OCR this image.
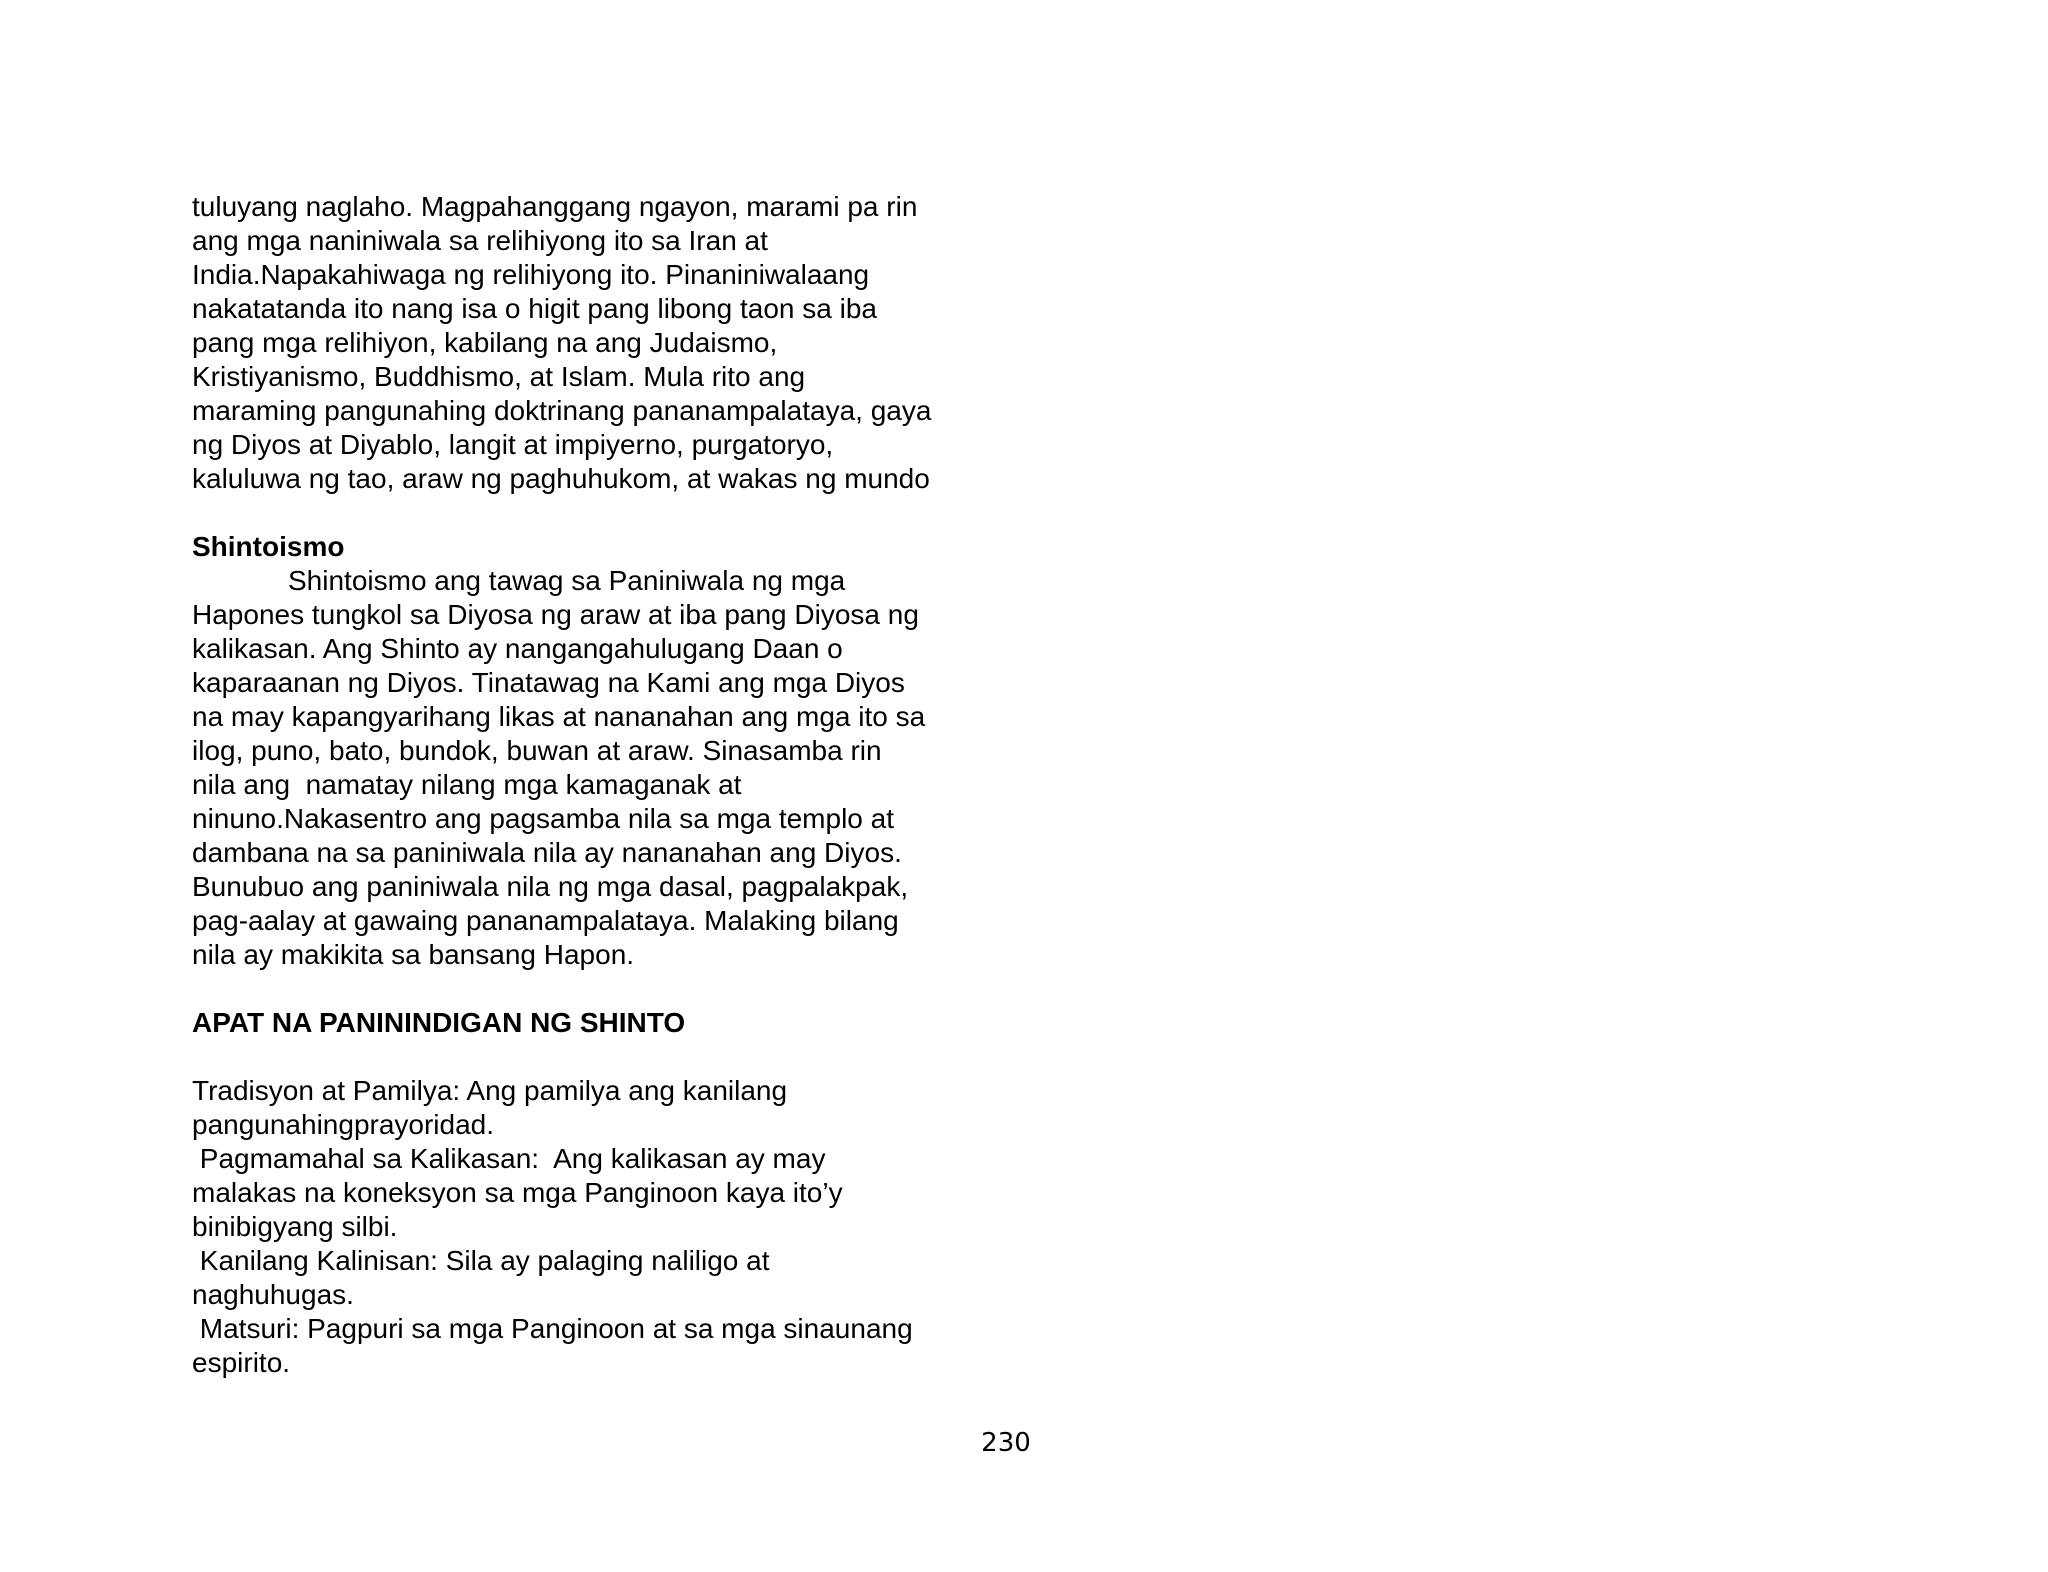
tuluyang naglaho. Magpahanggang ngayon, marami pa rin
ang mga naniniwala sa relihiyong ito sa Iran at
India.Napakahiwaga ng relihiyong ito. Pinaniniwalaang
nakatatanda ito nang isa o higit pang libong taon sa iba
pang mga relihiyon, kabilang na ang Judaismo,
Kristiyanismo, Buddhismo, at Islam. Mula rito ang
maraming pangunahing doktrinang pananampalataya, gaya
ng Diyos at Diyablo, langit at impiyerno, purgatoryo,
kaluluwa ng tao, araw ng paghuhukom, at wakas ng mundo
Shintoismo
Shintoismo ang tawag sa Paniniwala ng mga
Hapones tungkol sa Diyosa ng araw at iba pang Diyosa ng
kalikasan. Ang Shinto ay nangangahulugang Daan o
kaparaanan ng Diyos. Tinatawag na Kami ang mga Diyos
na may kapangyarihang likas at nananahan ang mga ito sa
ilog, puno, bato, bundok, buwan at araw. Sinasamba rin
nila ang  namatay nilang mga kamaganak at
ninuno.Nakasentro ang pagsamba nila sa mga templo at
dambana na sa paniniwala nila ay nananahan ang Diyos.
Bunubuo ang paniniwala nila ng mga dasal, pagpalakpak,
pag-aalay at gawaing pananampalataya. Malaking bilang
nila ay makikita sa bansang Hapon.
APAT NA PANININDIGAN NG SHINTO
Tradisyon at Pamilya: Ang pamilya ang kanilang
pangunahingprayoridad.
Pagmamahal sa Kalikasan:  Ang kalikasan ay may
malakas na koneksyon sa mga Panginoon kaya ito’y
binibigyang silbi.
Kanilang Kalinisan: Sila ay palaging naliligo at
naghuhugas.
Matsuri: Pagpuri sa mga Panginoon at sa mga sinaunang
espirito.
230
